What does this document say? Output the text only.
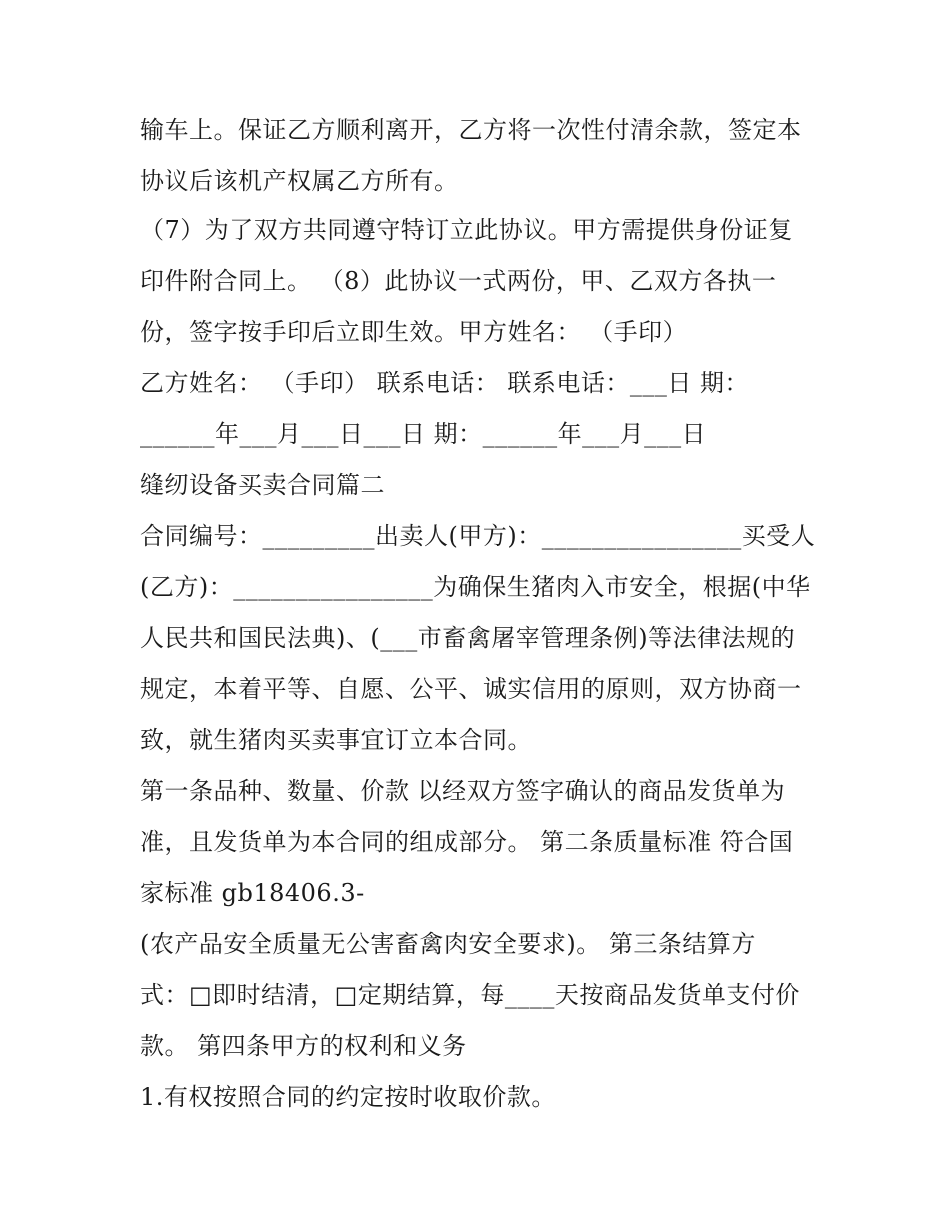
输车上。保证乙方顺利离开，乙方将一次性付清余款，签定本
协议后该机产权属乙方所有。
（7）为了双方共同遵守特订立此协议。甲方需提供身份证复
印件附合同上。 （8）此协议一式两份，甲、乙双方各执一
份，签字按手印后立即生效。甲方姓名： （手印）
乙方姓名： （手印） 联系电话： 联系电话：___日 期：
______年___月___日___日 期：______年___月___日
缝纫设备买卖合同篇二
合同编号：_________出卖人(甲方)：________________买受人
(乙方)：________________为确保生猪肉入市安全，根据(中华
人民共和国民法典)、(___市畜禽屠宰管理条例)等法律法规的
规定，本着平等、自愿、公平、诚实信用的原则，双方协商一
致，就生猪肉买卖事宜订立本合同。
第一条品种、数量、价款 以经双方签字确认的商品发货单为
准，且发货单为本合同的组成部分。 第二条质量标准 符合国
家标准 gb18406.3-
(农产品安全质量无公害畜禽肉安全要求)。 第三条结算方
式：□即时结清，□定期结算，每____天按商品发货单支付价
款。 第四条甲方的权利和义务
1.有权按照合同的约定按时收取价款。
